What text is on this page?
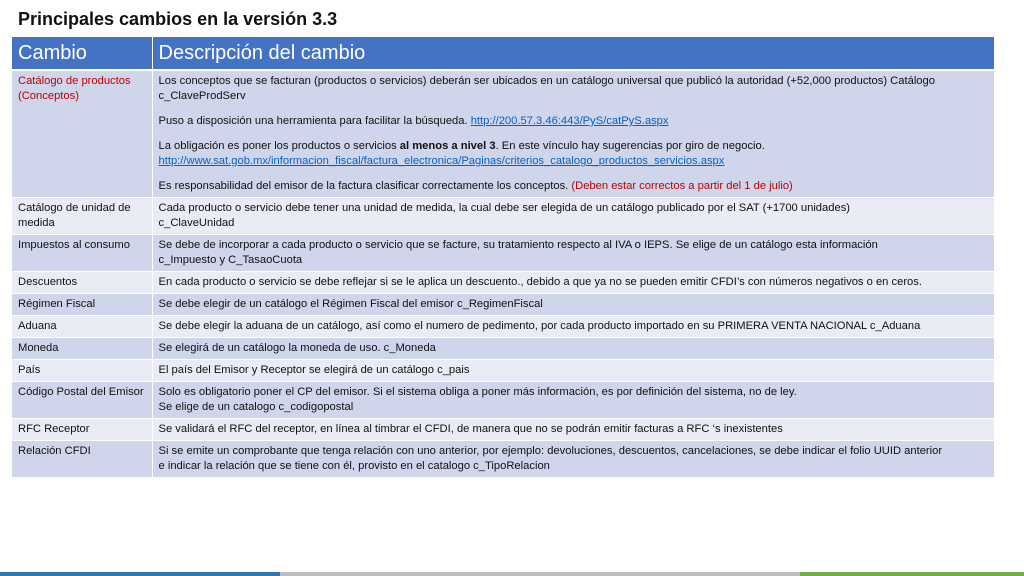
Principales cambios en la versión 3.3
Cambio	Descripción del cambio
Catálogo de productos (Conceptos)	Los conceptos que se facturan (productos o servicios) deberán ser ubicados en un catálogo universal que publicó la autoridad (+52,000 productos) Catálogo c_ClaveProdServ
Puso a disposición una herramienta para facilitar la búsqueda. http://200.57.3.46:443/PyS/catPyS.aspx
La obligación es poner los productos o servicios al menos a nivel 3. En este vínculo hay sugerencias por giro de negocio.
http://www.sat.gob.mx/informacion_fiscal/factura_electronica/Paginas/criterios_catalogo_productos_servicios.aspx
Es responsabilidad del emisor de la factura clasificar correctamente los conceptos. (Deben estar correctos a partir del 1 de julio)

Catálogo de unidad de medida	Cada producto o servicio debe tener una unidad de medida, la cual debe ser elegida de un catálogo publicado por el SAT (+1700 unidades)
c_ClaveUnidad

Impuestos al consumo	Se debe de incorporar a cada producto o servicio que se facture, su tratamiento respecto al IVA o IEPS. Se elige de un catálogo esta información
c_Impuesto y C_TasaoCuota

Descuentos	En cada producto o servicio se debe reflejar si se le aplica un descuento., debido a que ya no se pueden emitir CFDI’s con números negativos o en ceros.

Régimen Fiscal	Se debe elegir de un catálogo el Régimen Fiscal del emisor c_RegimenFiscal

Aduana	Se debe elegir la aduana de un catálogo, así como el numero de pedimento, por cada producto importado en su PRIMERA VENTA NACIONAL c_Aduana

Moneda	Se elegirá de un catálogo la moneda de uso. c_Moneda

País	El país del Emisor y Receptor se elegirá de un catálogo c_pais

Código Postal del Emisor	Solo es obligatorio poner el CP del emisor. Si el sistema obliga a poner más información, es por definición del sistema, no de ley.
Se elige de un catalogo c_codigopostal

RFC Receptor	Se validará el RFC del receptor, en línea al timbrar el CFDI, de manera que no se podrán emitir facturas a RFC ‘s inexistentes

Relación CFDI	Si se emite un comprobante que tenga relación con uno anterior, por ejemplo: devoluciones, descuentos, cancelaciones, se debe indicar el folio UUID anterior
e indicar la relación que se tiene con él, provisto en el catalogo c_TipoRelacion
